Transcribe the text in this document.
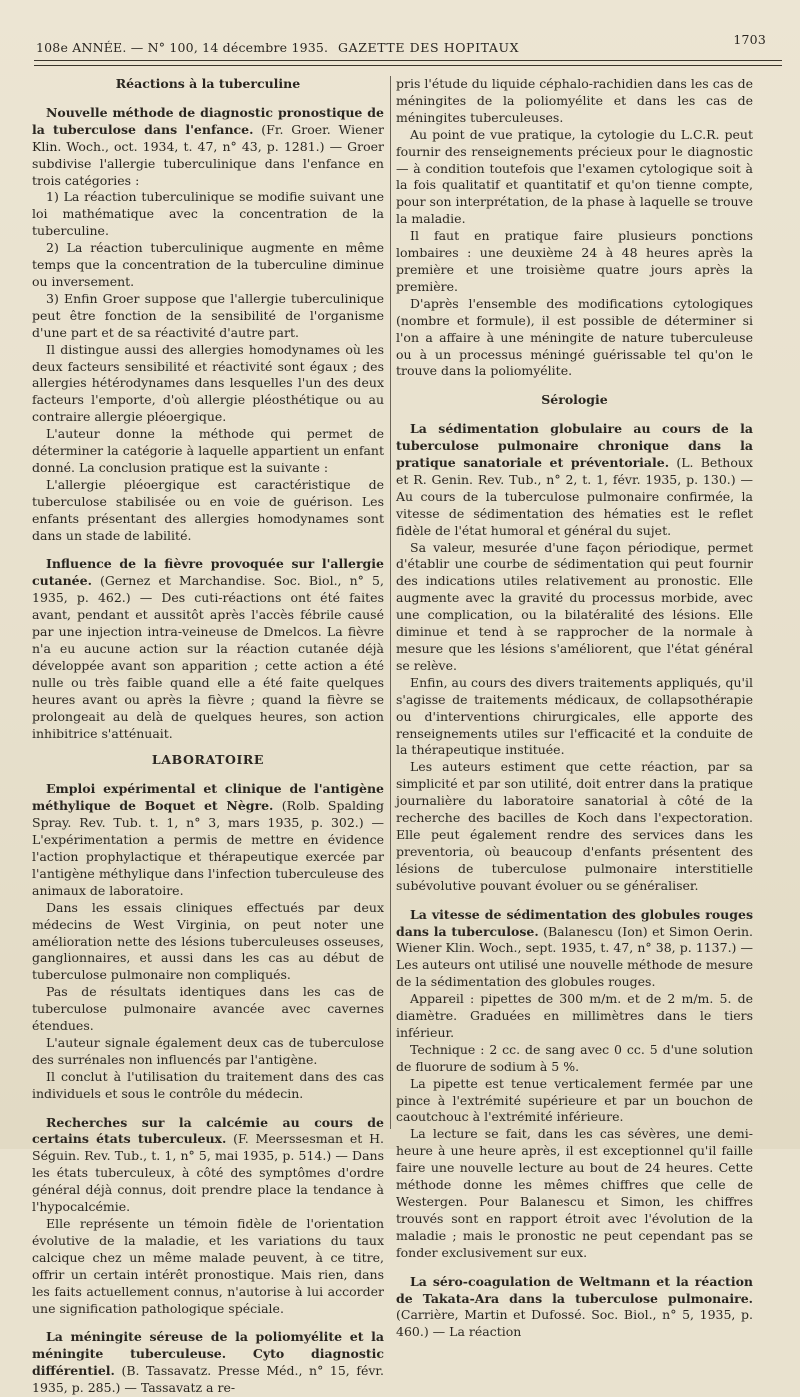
108e ANNÉE. — N° 100, 14 décembre 1935. GAZETTE DES HOPITAUX
1703
Réactions à la tuberculine

Nouvelle méthode de diagnostic pronostique de la tuberculose dans l'enfance. (Fr. Groer. Wiener Klin. Woch., oct. 1934, t. 47, n° 43, p. 1281.) — Groer subdivise l'allergie tuberculinique dans l'enfance en trois catégories :

1) La réaction tuberculinique se modifie suivant une loi mathématique avec la concentration de la tuberculine.

2) La réaction tuberculinique augmente en même temps que la concentration de la tuberculine diminue ou inversement.

3) Enfin Groer suppose que l'allergie tuberculinique peut être fonction de la sensibilité de l'organisme d'une part et de sa réactivité d'autre part.

Il distingue aussi des allergies homodynames où les deux facteurs sensibilité et réactivité sont égaux ; des allergies hétérodynames dans lesquelles l'un des deux facteurs l'emporte, d'où allergie pléosthétique ou au contraire allergie pléoergique.

L'auteur donne la méthode qui permet de déterminer la catégorie à laquelle appartient un enfant donné. La conclusion pratique est la suivante :

L'allergie pléoergique est caractéristique de tuberculose stabilisée ou en voie de guérison. Les enfants présentant des allergies homodynames sont dans un stade de labilité.

Influence de la fièvre provoquée sur l'allergie cutanée. (Gernez et Marchandise. Soc. Biol., n° 5, 1935, p. 462.) — Des cuti-réactions ont été faites avant, pendant et aussitôt après l'accès fébrile causé par une injection intra-veineuse de Dmelcos. La fièvre n'a eu aucune action sur la réaction cutanée déjà développée avant son apparition ; cette action a été nulle ou très faible quand elle a été faite quelques heures avant ou après la fièvre ; quand la fièvre se prolongeait au delà de quelques heures, son action inhibitrice s'atténuait.

LABORATOIRE

Emploi expérimental et clinique de l'antigène méthylique de Boquet et Nègre. (Rolb. Spalding Spray. Rev. Tub. t. 1, n° 3, mars 1935, p. 302.) — L'expérimentation a permis de mettre en évidence l'action prophylactique et thérapeutique exercée par l'antigène méthylique dans l'infection tuberculeuse des animaux de laboratoire.

Dans les essais cliniques effectués par deux médecins de West Virginia, on peut noter une amélioration nette des lésions tuberculeuses osseuses, ganglionnaires, et aussi dans les cas au début de tuberculose pulmonaire non compliqués.

Pas de résultats identiques dans les cas de tuberculose pulmonaire avancée avec cavernes étendues.

L'auteur signale également deux cas de tuberculose des surrénales non influencés par l'antigène.

Il conclut à l'utilisation du traitement dans des cas individuels et sous le contrôle du médecin.

Recherches sur la calcémie au cours de certains états tuberculeux. (F. Meerssesman et H. Séguin. Rev. Tub., t. 1, n° 5, mai 1935, p. 514.) — Dans les états tuberculeux, à côté des symptômes d'ordre général déjà connus, doit prendre place la tendance à l'hypocalcémie.

Elle représente un témoin fidèle de l'orientation évolutive de la maladie, et les variations du taux calcique chez un même malade peuvent, à ce titre, offrir un certain intérêt pronostique. Mais rien, dans les faits actuellement connus, n'autorise à lui accorder une signification pathologique spéciale.

La méningite séreuse de la poliomyélite et la méningite tuberculeuse. Cyto diagnostic différentiel. (B. Tassavatz. Presse Méd., n° 15, févr. 1935, p. 285.) — Tassavatz a re-

pris l'étude du liquide céphalo-rachidien dans les cas de méningites de la poliomyélite et dans les cas de méningites tuberculeuses.

Au point de vue pratique, la cytologie du L.C.R. peut fournir des renseignements précieux pour le diagnostic — à condition toutefois que l'examen cytologique soit à la fois qualitatif et quantitatif et qu'on tienne compte, pour son interprétation, de la phase à laquelle se trouve la maladie.

Il faut en pratique faire plusieurs ponctions lombaires : une deuxième 24 à 48 heures après la première et une troisième quatre jours après la première.

D'après l'ensemble des modifications cytologiques (nombre et formule), il est possible de déterminer si l'on a affaire à une méningite de nature tuberculeuse ou à un processus méningé guérissable tel qu'on le trouve dans la poliomyélite.

Sérologie

La sédimentation globulaire au cours de la tuberculose pulmonaire chronique dans la pratique sanatoriale et préventoriale. (L. Bethoux et R. Genin. Rev. Tub., n° 2, t. 1, févr. 1935, p. 130.) — Au cours de la tuberculose pulmonaire confirmée, la vitesse de sédimentation des hématies est le reflet fidèle de l'état humoral et général du sujet.

Sa valeur, mesurée d'une façon périodique, permet d'établir une courbe de sédimentation qui peut fournir des indications utiles relativement au pronostic. Elle augmente avec la gravité du processus morbide, avec une complication, ou la bilatéralité des lésions. Elle diminue et tend à se rapprocher de la normale à mesure que les lésions s'améliorent, que l'état général se relève.

Enfin, au cours des divers traitements appliqués, qu'il s'agisse de traitements médicaux, de collapsothérapie ou d'interventions chirurgicales, elle apporte des renseignements utiles sur l'efficacité et la conduite de la thérapeutique instituée.

Les auteurs estiment que cette réaction, par sa simplicité et par son utilité, doit entrer dans la pratique journalière du laboratoire sanatorial à côté de la recherche des bacilles de Koch dans l'expectoration. Elle peut également rendre des services dans les preventoria, où beaucoup d'enfants présentent des lésions de tuberculose pulmonaire interstitielle subévolutive pouvant évoluer ou se généraliser.

La vitesse de sédimentation des globules rouges dans la tuberculose. (Balanescu (Ion) et Simon Oerin. Wiener Klin. Woch., sept. 1935, t. 47, n° 38, p. 1137.) — Les auteurs ont utilisé une nouvelle méthode de mesure de la sédimentation des globules rouges.

Appareil : pipettes de 300 m/m. et de 2 m/m. 5. de diamètre. Graduées en millimètres dans le tiers inférieur.

Technique : 2 cc. de sang avec 0 cc. 5 d'une solution de fluorure de sodium à 5 %.

La pipette est tenue verticalement fermée par une pince à l'extrémité supérieure et par un bouchon de caoutchouc à l'extrémité inférieure.

La lecture se fait, dans les cas sévères, une demi-heure à une heure après, il est exceptionnel qu'il faille faire une nouvelle lecture au bout de 24 heures. Cette méthode donne les mêmes chiffres que celle de Westergen. Pour Balanescu et Simon, les chiffres trouvés sont en rapport étroit avec l'évolution de la maladie ; mais le pronostic ne peut cependant pas se fonder exclusivement sur eux.

La séro-coagulation de Weltmann et la réaction de Takata-Ara dans la tuberculose pulmonaire. (Carrière, Martin et Dufossé. Soc. Biol., n° 5, 1935, p. 460.) — La réaction
